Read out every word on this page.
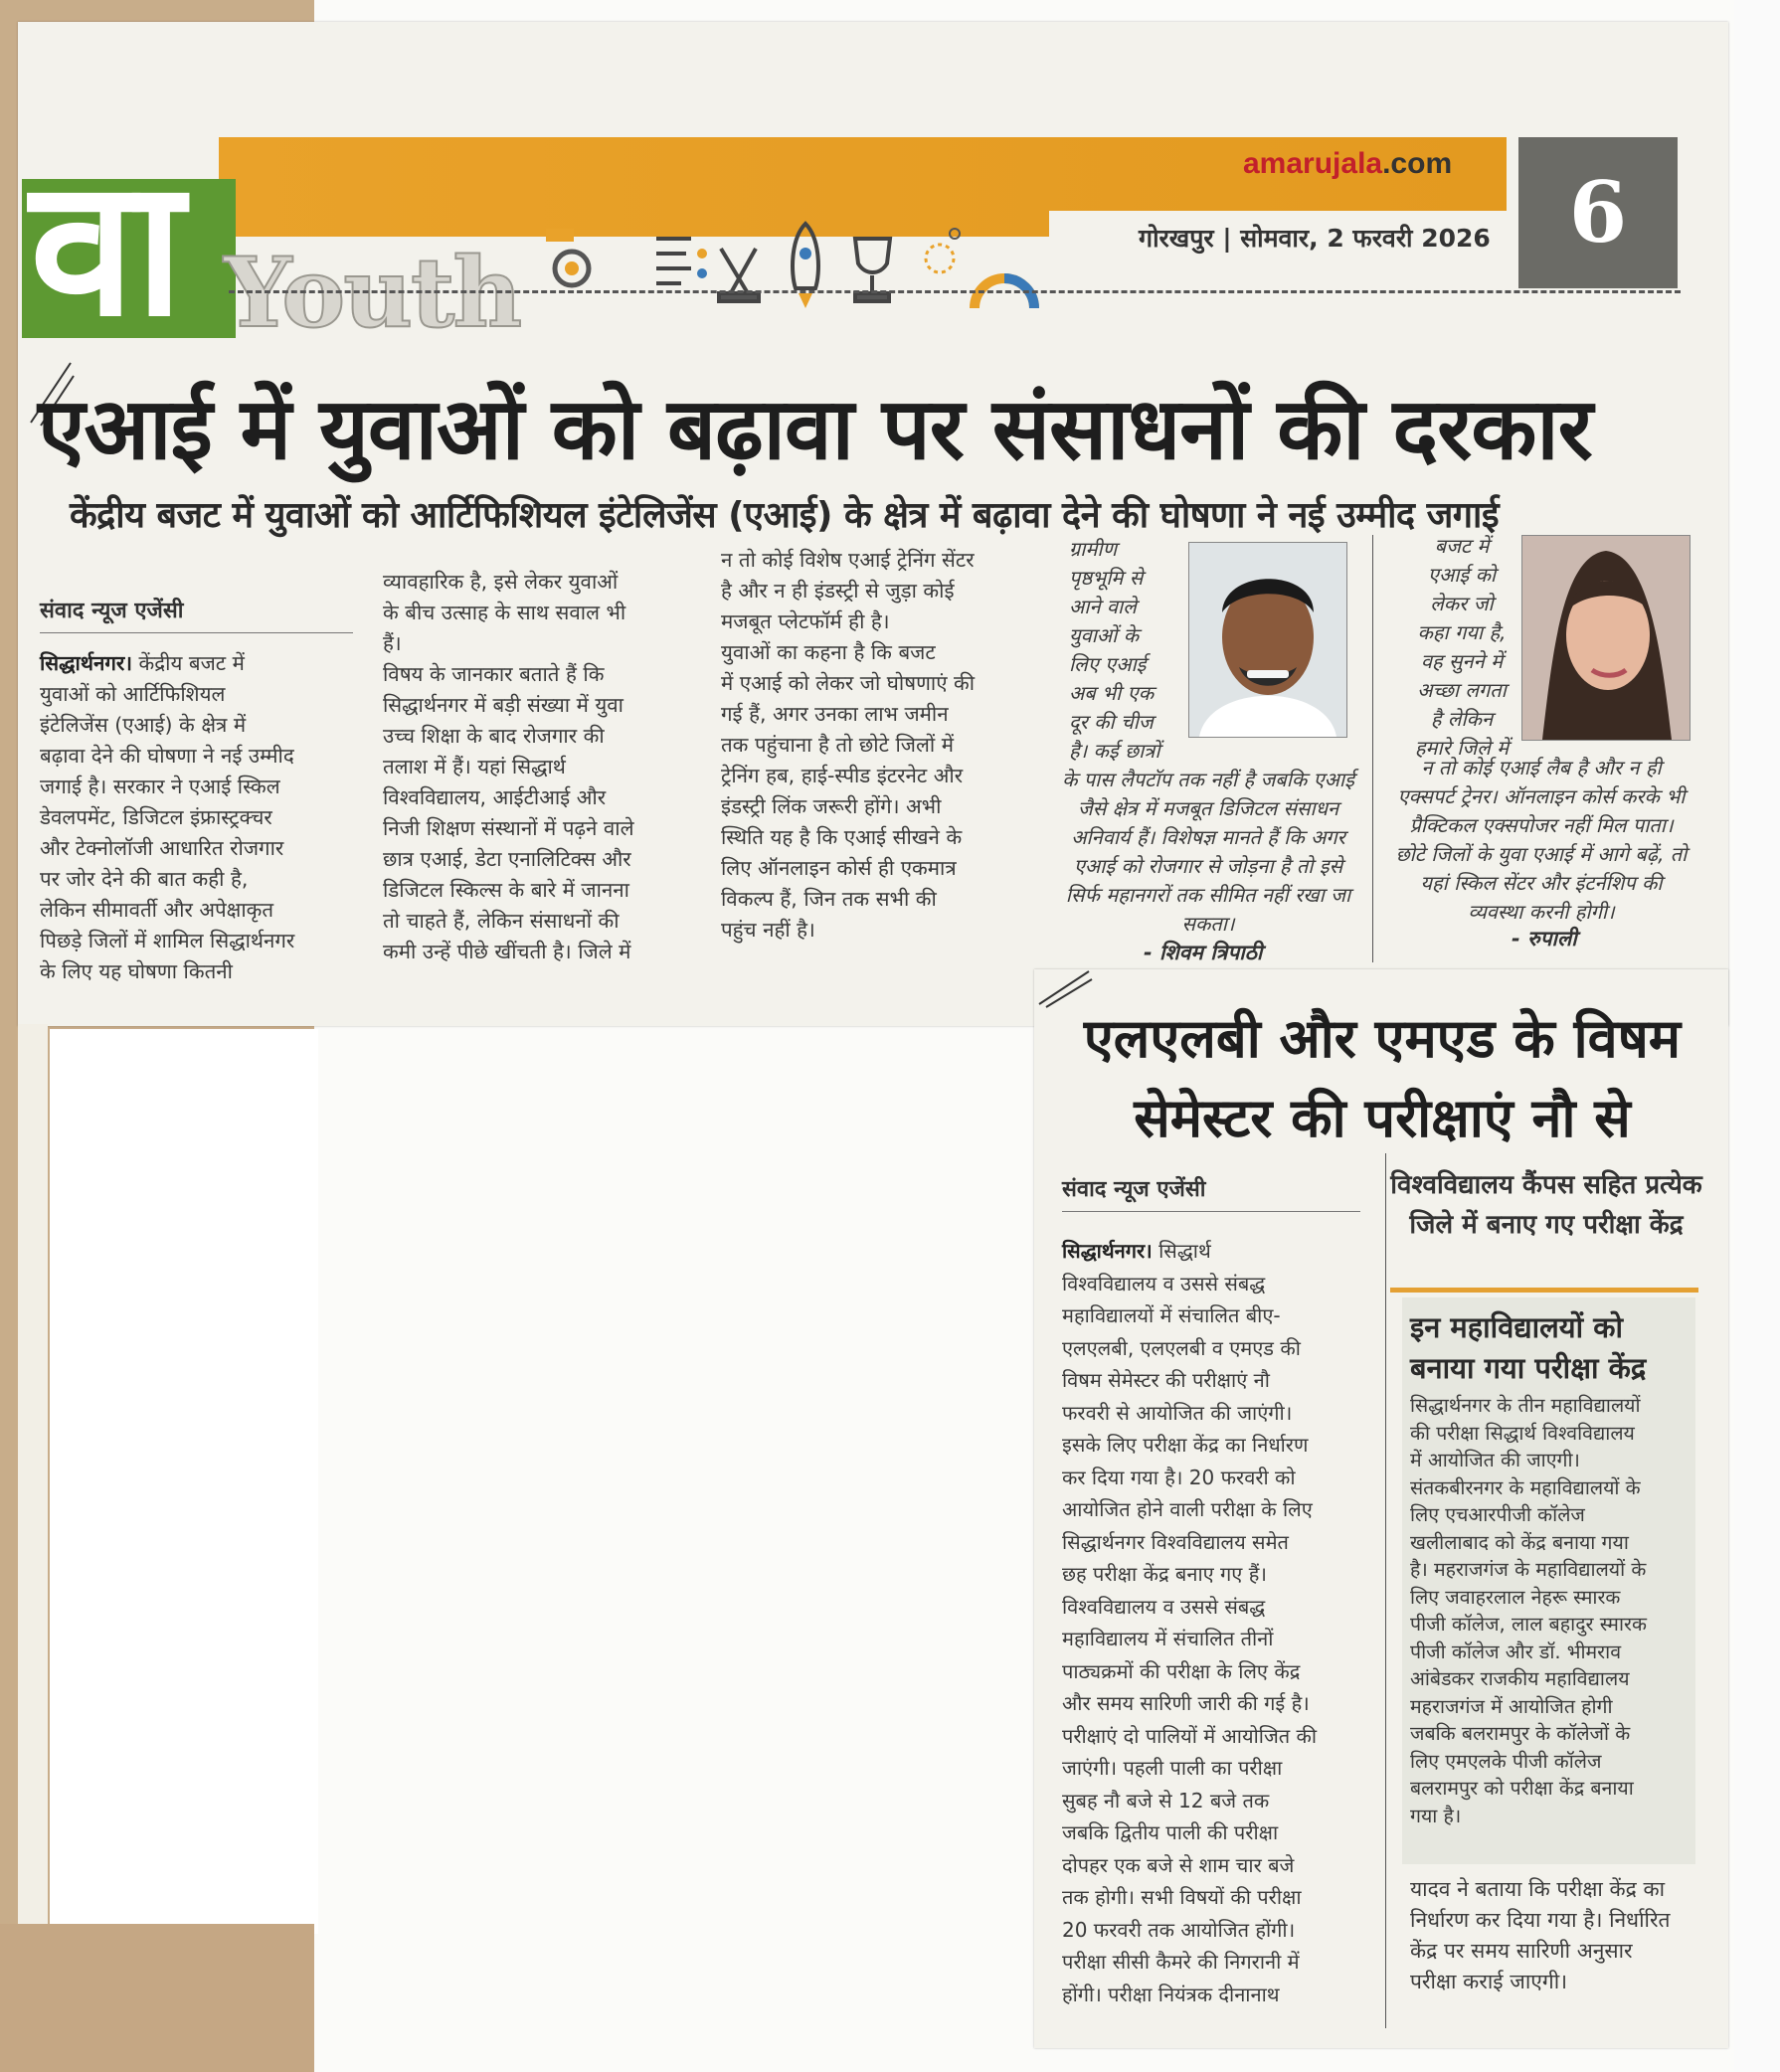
amarujala.com
गोरखपुर | सोमवार, 2 फरवरी 2026 6
वा Youth
एआई में युवाओं को बढ़ावा पर संसाधनों की दरकार
केंद्रीय बजट में युवाओं को आर्टिफिशियल इंटेलिजेंस (एआई) के क्षेत्र में बढ़ावा देने की घोषणा ने नई उम्मीद जगाई
संवाद न्यूज एजेंसी
सिद्धार्थनगर। केंद्रीय बजट में
युवाओं को आर्टिफिशियल
इंटेलिजेंस (एआई) के क्षेत्र में
बढ़ावा देने की घोषणा ने नई उम्मीद
जगाई है। सरकार ने एआई स्किल
डेवलपमेंट, डिजिटल इंफ्रास्ट्रक्चर
और टेक्नोलॉजी आधारित रोजगार
पर जोर देने की बात कही है,
लेकिन सीमावर्ती और अपेक्षाकृत
पिछड़े जिलों में शामिल सिद्धार्थनगर
के लिए यह घोषणा कितनी
व्यावहारिक है, इसे लेकर युवाओं
के बीच उत्साह के साथ सवाल भी
हैं।
विषय के जानकार बताते हैं कि
सिद्धार्थनगर में बड़ी संख्या में युवा
उच्च शिक्षा के बाद रोजगार की
तलाश में हैं। यहां सिद्धार्थ
विश्वविद्यालय, आईटीआई और
निजी शिक्षण संस्थानों में पढ़ने वाले
छात्र एआई, डेटा एनालिटिक्स और
डिजिटल स्किल्स के बारे में जानना
तो चाहते हैं, लेकिन संसाधनों की
कमी उन्हें पीछे खींचती है। जिले में
न तो कोई विशेष एआई ट्रेनिंग सेंटर
है और न ही इंडस्ट्री से जुड़ा कोई
मजबूत प्लेटफॉर्म ही है।
युवाओं का कहना है कि बजट
में एआई को लेकर जो घोषणाएं की
गई हैं, अगर उनका लाभ जमीन
तक पहुंचाना है तो छोटे जिलों में
ट्रेनिंग हब, हाई-स्पीड इंटरनेट और
इंडस्ट्री लिंक जरूरी होंगे। अभी
स्थिति यह है कि एआई सीखने के
लिए ऑनलाइन कोर्स ही एकमात्र
विकल्प हैं, जिन तक सभी की
पहुंच नहीं है।
ग्रामीण
पृष्ठभूमि से
आने वाले
युवाओं के
लिए एआई
अब भी एक
दूर की चीज
है। कई छात्रों
के पास लैपटॉप तक नहीं है जबकि एआई जैसे क्षेत्र में मजबूत डिजिटल संसाधन अनिवार्य हैं। विशेषज्ञ मानते हैं कि अगर एआई को रोजगार से जोड़ना है तो इसे सिर्फ महानगरों तक सीमित नहीं रखा जा सकता।
- शिवम त्रिपाठी
बजट में
एआई को
लेकर जो
कहा गया है,
वह सुनने में
अच्छा लगता
है लेकिन
हमारे जिले में
न तो कोई एआई लैब है और न ही एक्सपर्ट ट्रेनर। ऑनलाइन कोर्स करके भी प्रैक्टिकल एक्सपोजर नहीं मिल पाता। छोटे जिलों के युवा एआई में आगे बढ़ें, तो यहां स्किल सेंटर और इंटर्नशिप की व्यवस्था करनी होगी।
- रुपाली
एलएलबी और एमएड के विषम सेमेस्टर की परीक्षाएं नौ से
संवाद न्यूज एजेंसी
सिद्धार्थनगर। सिद्धार्थ
विश्वविद्यालय व उससे संबद्ध
महाविद्यालयों में संचालित बीए-
एलएलबी, एलएलबी व एमएड की
विषम सेमेस्टर की परीक्षाएं नौ
फरवरी से आयोजित की जाएंगी।
इसके लिए परीक्षा केंद्र का निर्धारण
कर दिया गया है। 20 फरवरी को
आयोजित होने वाली परीक्षा के लिए
सिद्धार्थनगर विश्वविद्यालय समेत
छह परीक्षा केंद्र बनाए गए हैं।
विश्वविद्यालय व उससे संबद्ध
महाविद्यालय में संचालित तीनों
पाठ्यक्रमों की परीक्षा के लिए केंद्र
और समय सारिणी जारी की गई है।
परीक्षाएं दो पालियों में आयोजित की
जाएंगी। पहली पाली का परीक्षा
सुबह नौ बजे से 12 बजे तक
जबकि द्वितीय पाली की परीक्षा
दोपहर एक बजे से शाम चार बजे
तक होगी। सभी विषयों की परीक्षा
20 फरवरी तक आयोजित होंगी।
परीक्षा सीसी कैमरे की निगरानी में
होंगी। परीक्षा नियंत्रक दीनानाथ
विश्वविद्यालय कैंपस सहित प्रत्येक जिले में बनाए गए परीक्षा केंद्र
इन महाविद्यालयों को बनाया गया परीक्षा केंद्र
सिद्धार्थनगर के तीन महाविद्यालयों
की परीक्षा सिद्धार्थ विश्वविद्यालय
में आयोजित की जाएगी।
संतकबीरनगर के महाविद्यालयों के
लिए एचआरपीजी कॉलेज
खलीलाबाद को केंद्र बनाया गया
है। महराजगंज के महाविद्यालयों के
लिए जवाहरलाल नेहरू स्मारक
पीजी कॉलेज, लाल बहादुर स्मारक
पीजी कॉलेज और डॉ. भीमराव
आंबेडकर राजकीय महाविद्यालय
महराजगंज में आयोजित होगी
जबकि बलरामपुर के कॉलेजों के
लिए एमएलके पीजी कॉलेज
बलरामपुर को परीक्षा केंद्र बनाया
गया है।
यादव ने बताया कि परीक्षा केंद्र का
निर्धारण कर दिया गया है। निर्धारित
केंद्र पर समय सारिणी अनुसार
परीक्षा कराई जाएगी।
